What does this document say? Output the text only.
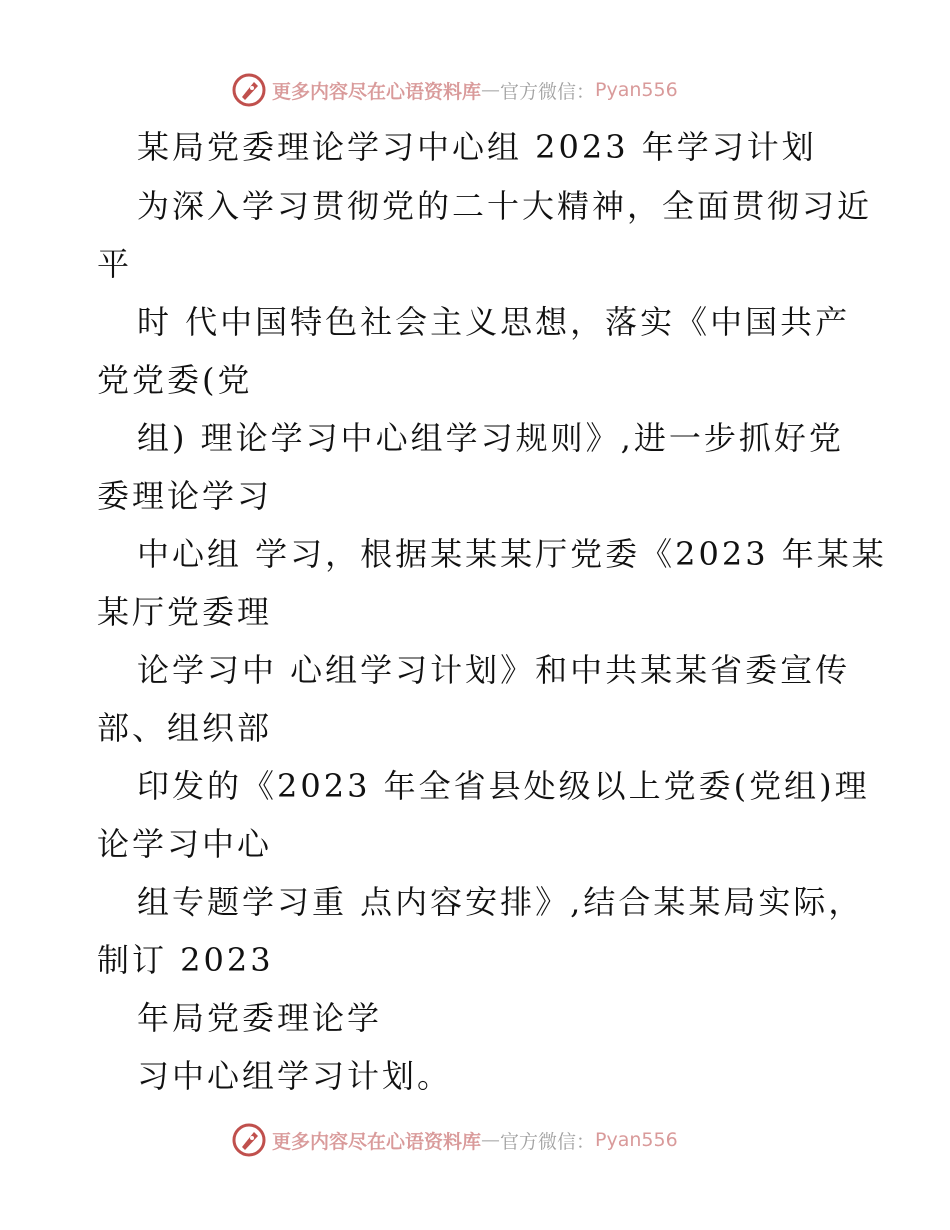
更多内容尽在心语资料库 — 官方微信： Pyan556
某局党委理论学习中心组 2023 年学习计划
为深入学习贯彻党的二十大精神，全面贯彻习近
平
时 代中国特色社会主义思想，落实《中国共产
党党委(党
组) 理论学习中心组学习规则》,进一步抓好党
委理论学习
中心组 学习，根据某某某厅党委《2023 年某某
某厅党委理
论学习中 心组学习计划》和中共某某省委宣传
部、组织部
印发的《2023 年全省县处级以上党委(党组)理
论学习中心
组专题学习重 点内容安排》,结合某某局实际，
制订 2023
年局党委理论学
习中心组学习计划。
更多内容尽在心语资料库 — 官方微信： Pyan556
